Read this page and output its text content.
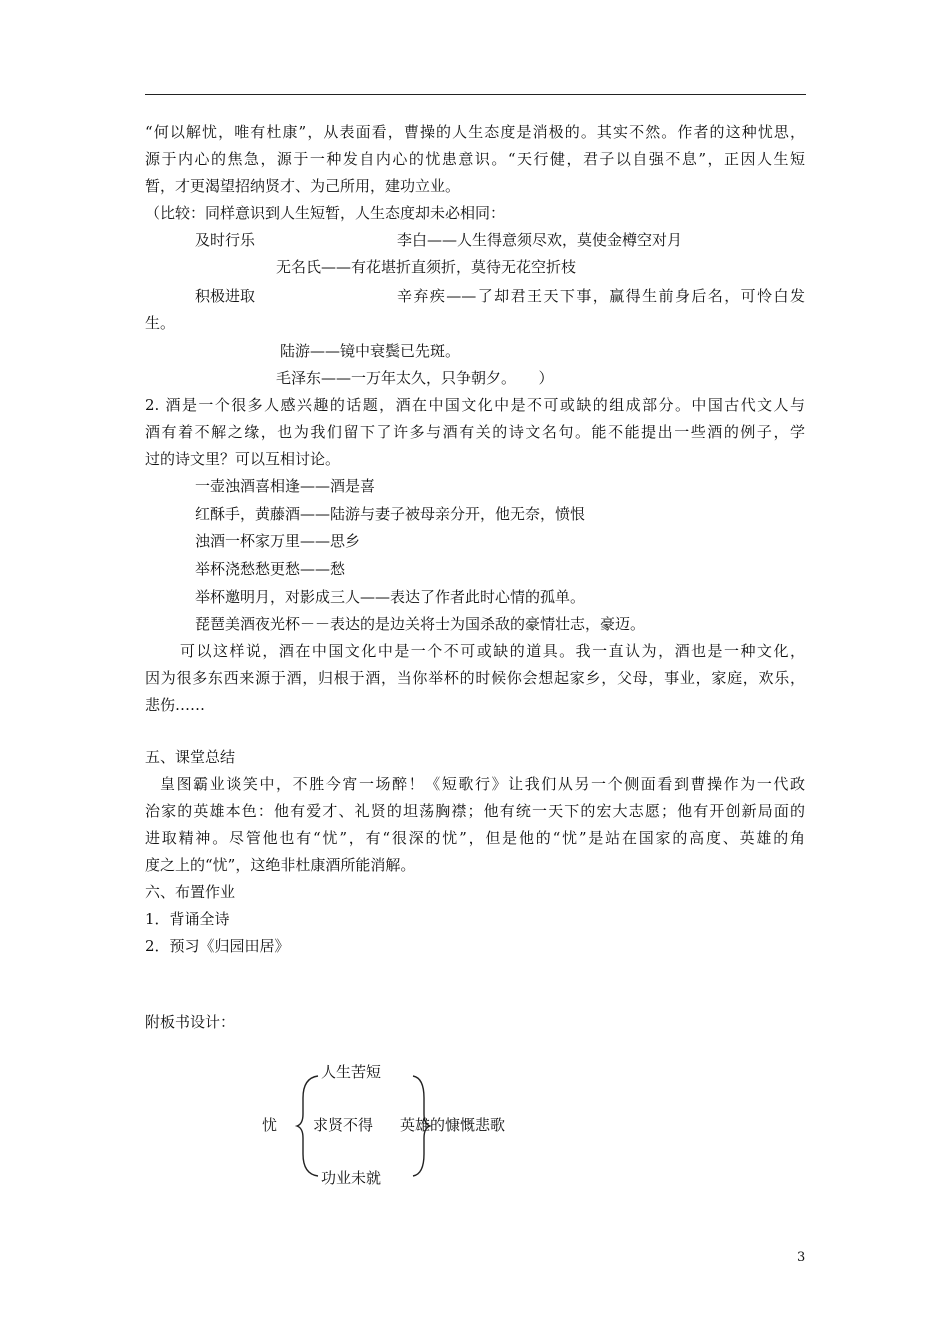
“何以解忧，唯有杜康”，从表面看，曹操的人生态度是消极的。其实不然。作者的这种忧思，
源于内心的焦急，源于一种发自内心的忧患意识。“天行健，君子以自强不息”，正因人生短
暂，才更渴望招纳贤才、为己所用，建功立业。
（比较：同样意识到人生短暂，人生态度却未必相同：
及时行乐	李白——人生得意须尽欢，莫使金樽空对月
无名氏——有花堪折直须折，莫待无花空折枝
积极进取	辛弃疾——了却君王天下事，赢得生前身后名，可怜白发
生。
陆游——镜中衰鬓已先斑。
毛泽东——一万年太久，只争朝夕。　　）
2. 酒是一个很多人感兴趣的话题，酒在中国文化中是不可或缺的组成部分。中国古代文人与
酒有着不解之缘，也为我们留下了许多与酒有关的诗文名句。能不能提出一些酒的例子，学
过的诗文里？可以互相讨论。
一壶浊酒喜相逢——酒是喜
红酥手，黄藤酒——陆游与妻子被母亲分开，他无奈，愤恨
浊酒一杯家万里——思乡
举杯浇愁愁更愁——愁
举杯邀明月，对影成三人——表达了作者此时心情的孤单。
琵琶美酒夜光杯－－表达的是边关将士为国杀敌的豪情壮志，豪迈。
可以这样说，酒在中国文化中是一个不可或缺的道具。我一直认为，酒也是一种文化，
因为很多东西来源于酒，归根于酒，当你举杯的时候你会想起家乡，父母，事业，家庭，欢乐，
悲伤……
五、课堂总结
皇图霸业谈笑中，不胜今宵一场醉！《短歌行》让我们从另一个侧面看到曹操作为一代政
治家的英雄本色：他有爱才、礼贤的坦荡胸襟；他有统一天下的宏大志愿；他有开创新局面的
进取精神。尽管他也有“忧”，有“很深的忧”，但是他的“忧”是站在国家的高度、英雄的角
度之上的“忧”，这绝非杜康酒所能消解。
六、布置作业
1．背诵全诗
2．预习《归园田居》
附板书设计：
人生苦短
忧 求贤不得 英雄的慷慨悲歌
功业未就
3
